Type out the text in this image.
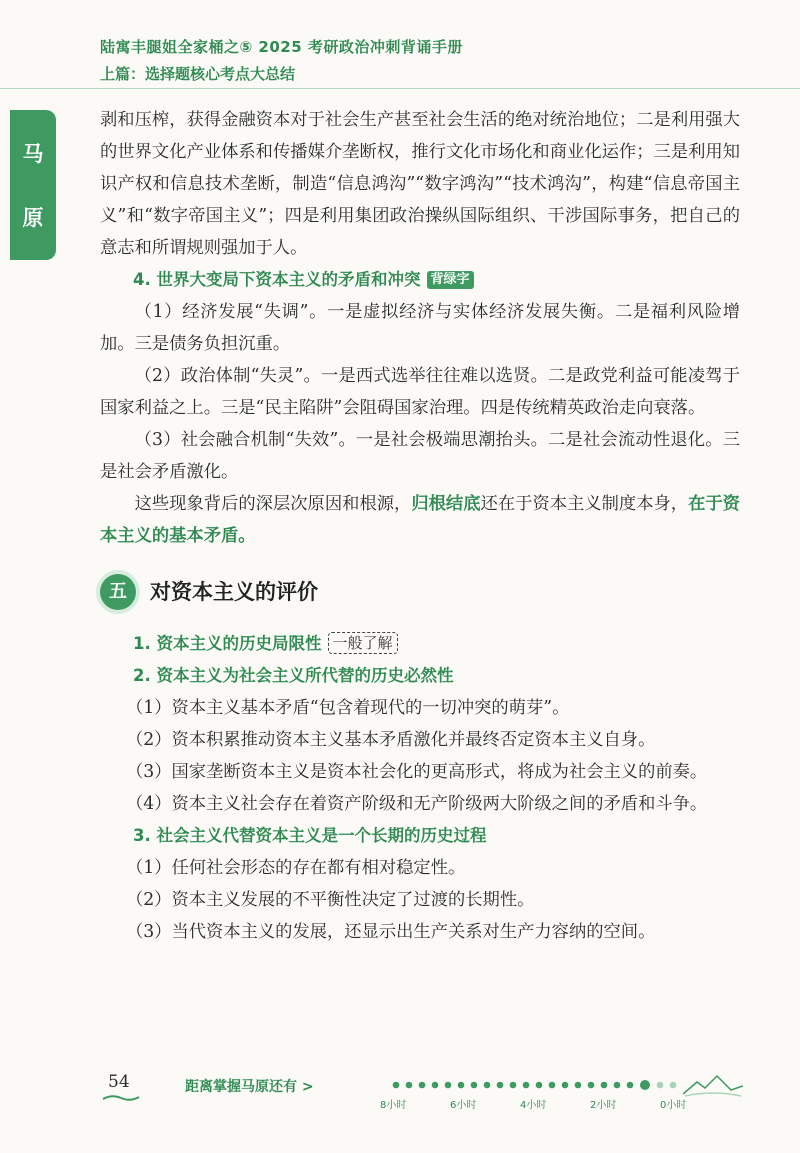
陆寓丰腿姐全家桶之⑤ 2025 考研政治冲刺背诵手册
上篇：选择题核心考点大总结
马
原

剥和压榨，获得金融资本对于社会生产甚至社会生活的绝对统治地位；二是利用强大的世界文化产业体系和传播媒介垄断权，推行文化市场化和商业化运作；三是利用知识产权和信息技术垄断，制造“信息鸿沟”“数字鸿沟”“技术鸿沟”，构建“信息帝国主义”和“数字帝国主义”；四是利用集团政治操纵国际组织、干涉国际事务，把自己的意志和所谓规则强加于人。

4. 世界大变局下资本主义的矛盾和冲突 背绿字

（1）经济发展“失调”。一是虚拟经济与实体经济发展失衡。二是福利风险增加。三是债务负担沉重。

（2）政治体制“失灵”。一是西式选举往往难以选贤。二是政党利益可能凌驾于国家利益之上。三是“民主陷阱”会阻碍国家治理。四是传统精英政治走向衰落。

（3）社会融合机制“失效”。一是社会极端思潮抬头。二是社会流动性退化。三是社会矛盾激化。

这些现象背后的深层次原因和根源，归根结底还在于资本主义制度本身，在于资本主义的基本矛盾。

五	对资本主义的评价
1. 资本主义的历史局限性 一般了解
2. 资本主义为社会主义所代替的历史必然性

（1）资本主义基本矛盾“包含着现代的一切冲突的萌芽”。

（2）资本积累推动资本主义基本矛盾激化并最终否定资本主义自身。

（3）国家垄断资本主义是资本社会化的更高形式，将成为社会主义的前奏。

（4）资本主义社会存在着资产阶级和无产阶级两大阶级之间的矛盾和斗争。

3. 社会主义代替资本主义是一个长期的历史过程

（1）任何社会形态的存在都有相对稳定性。

（2）资本主义发展的不平衡性决定了过渡的长期性。

（3）当代资本主义的发展，还显示出生产关系对生产力容纳的空间。

54	距离掌握马原还有 >
8小时	6小时	4小时	2小时	0小时
